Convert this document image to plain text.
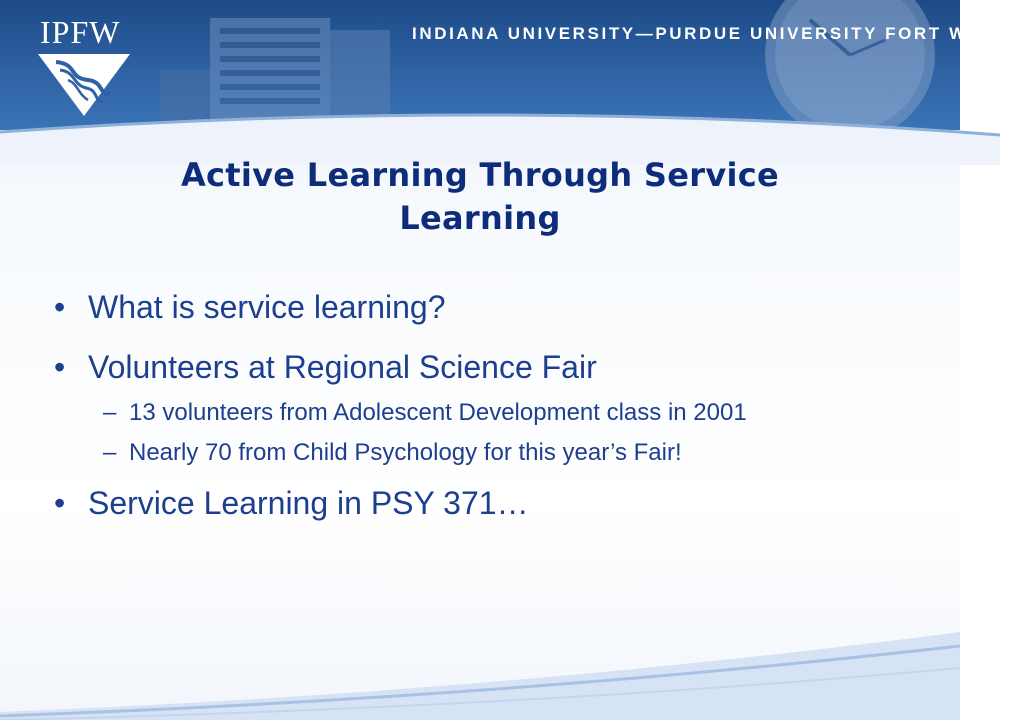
IPFW	INDIANA UNIVERSITY—PURDUE UNIVERSITY FORT WAYNE
Active Learning Through Service
Learning
• What is service learning?
• Volunteers at Regional Science Fair
– 13 volunteers from Adolescent Development class in 2001
– Nearly 70 from Child Psychology for this year’s Fair!
• Service Learning in PSY 371…
